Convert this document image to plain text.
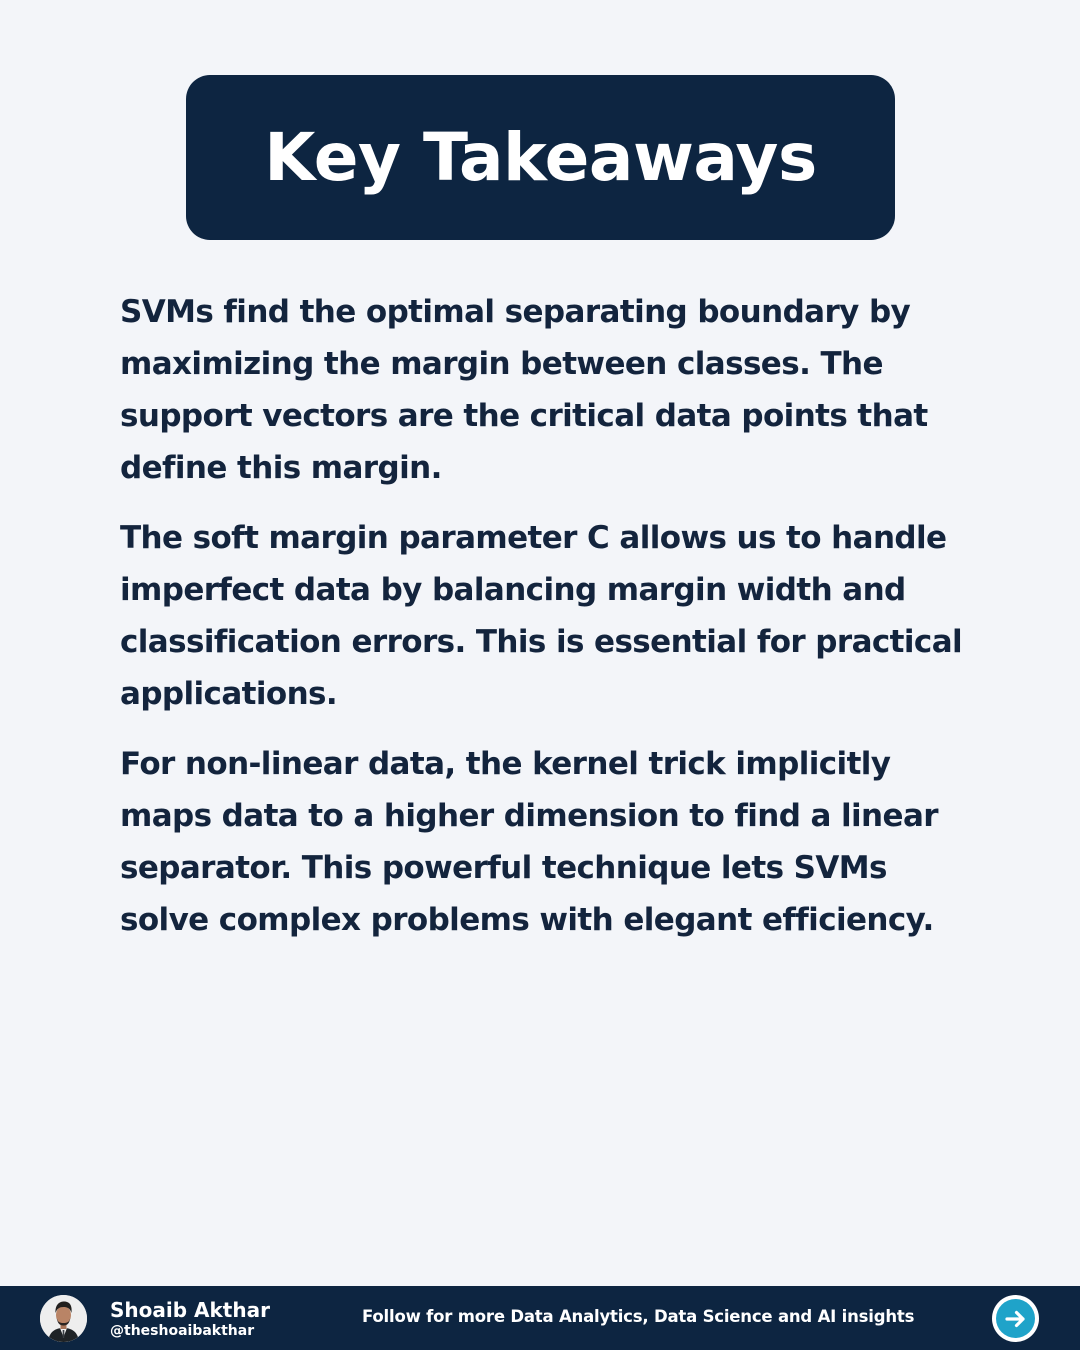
Key Takeaways

SVMs find the optimal separating boundary by maximizing the margin between classes. The support vectors are the critical data points that define this margin.

The soft margin parameter C allows us to handle imperfect data by balancing margin width and classification errors. This is essential for practical applications.

For non-linear data, the kernel trick implicitly maps data to a higher dimension to find a linear separator. This powerful technique lets SVMs solve complex problems with elegant efficiency.

Shoaib Akthar
@theshoaibakthar
Follow for more Data Analytics, Data Science and AI insights
